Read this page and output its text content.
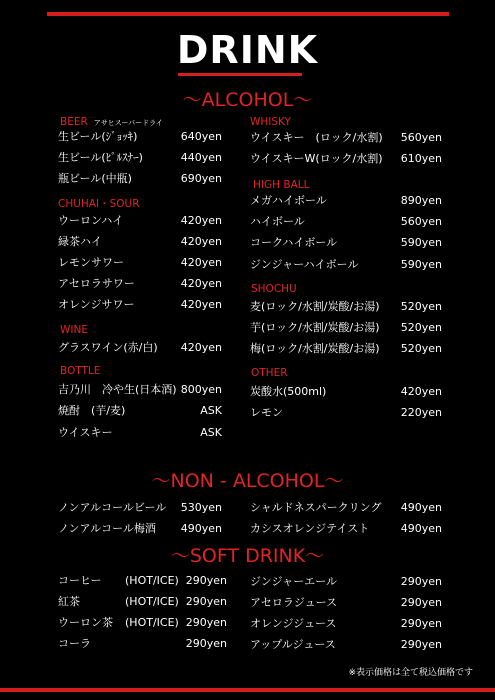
DRINK
〜ALCOHOL〜
BEER アサヒスーパードライ
生ビール(ｼﾞｮｯｷ)	640yen
生ビール(ﾋﾟﾙｽﾅｰ)	440yen
瓶ビール(中瓶)	690yen
CHUHAI・SOUR
ウーロンハイ	420yen
緑茶ハイ	420yen
レモンサワー	420yen
アセロラサワー	420yen
オレンジサワー	420yen
WINE
グラスワイン(赤/白) 420yen
BOTTLE
吉乃川　冷や生(日本酒) 800yen
焼酎　(芋/麦)	ASK
ウイスキー	ASK
WHISKY
ウイスキー　(ロック/水割) 560yen
ウイスキーW(ロック/水割) 610yen
HIGH BALL
メガハイボール	890yen
ハイボール	560yen
コークハイボール	590yen
ジンジャーハイボール	590yen
SHOCHU
麦(ロック/水割/炭酸/お湯) 520yen
芋(ロック/水割/炭酸/お湯) 520yen
梅(ロック/水割/炭酸/お湯) 520yen
OTHER
炭酸水(500ml)	420yen
レモン	220yen
〜NON - ALCOHOL〜
ノンアルコールビール 530yen
ノンアルコール梅酒 490yen
シャルドネスパークリング 490yen
カシスオレンジテイスト	490yen
〜SOFT DRINK〜
コーヒー (HOT/ICE) 290yen
紅茶	(HOT/ICE) 290yen
ウーロン茶 (HOT/ICE) 290yen
コーラ	290yen
ジンジャーエール	290yen
アセロラジュース	290yen
オレンジジュース	290yen
アップルジュース	290yen
※表示価格は全て税込価格です
